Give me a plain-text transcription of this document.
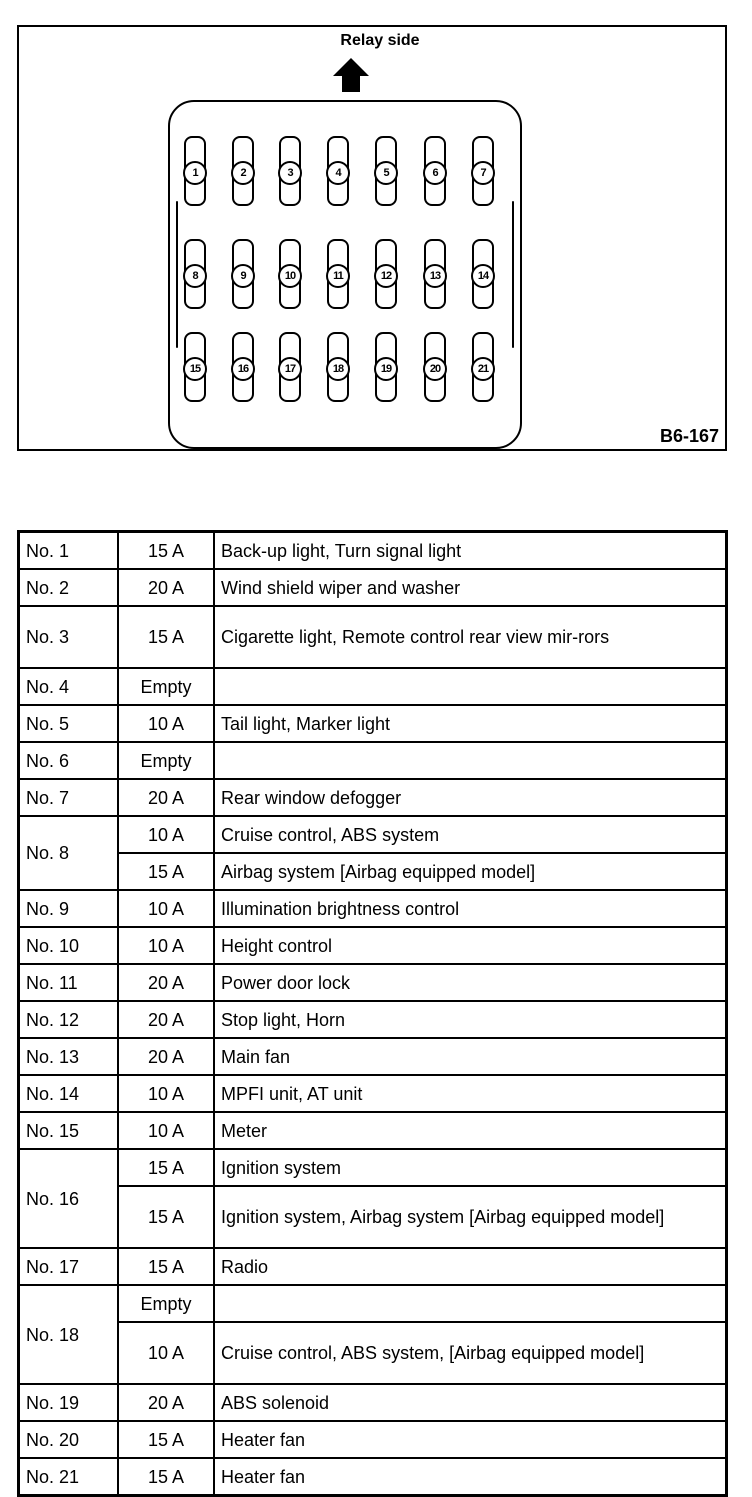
Relay side
1	2	3	4	5	6	7
8	9	10	11	12	13	14
15	16	17	18	19	20	21
B6-167
No. 1	15 A	Back-up light, Turn signal light
No. 2	20 A	Wind shield wiper and washer
No. 3	15 A	Cigarette light, Remote control rear view mir-rors
No. 4	Empty	
No. 5	10 A	Tail light, Marker light
No. 6	Empty	
No. 7	20 A	Rear window defogger
No. 8	10 A	Cruise control, ABS system
	15 A	Airbag system [Airbag equipped model]
No. 9	10 A	Illumination brightness control
No. 10	10 A	Height control
No. 11	20 A	Power door lock
No. 12	20 A	Stop light, Horn
No. 13	20 A	Main fan
No. 14	10 A	MPFI unit, AT unit
No. 15	10 A	Meter
No. 16	15 A	Ignition system
	15 A	Ignition system, Airbag system [Airbag equipped model]
No. 17	15 A	Radio
No. 18	Empty	
	10 A	Cruise control, ABS system, [Airbag equipped model]
No. 19	20 A	ABS solenoid
No. 20	15 A	Heater fan
No. 21	15 A	Heater fan
